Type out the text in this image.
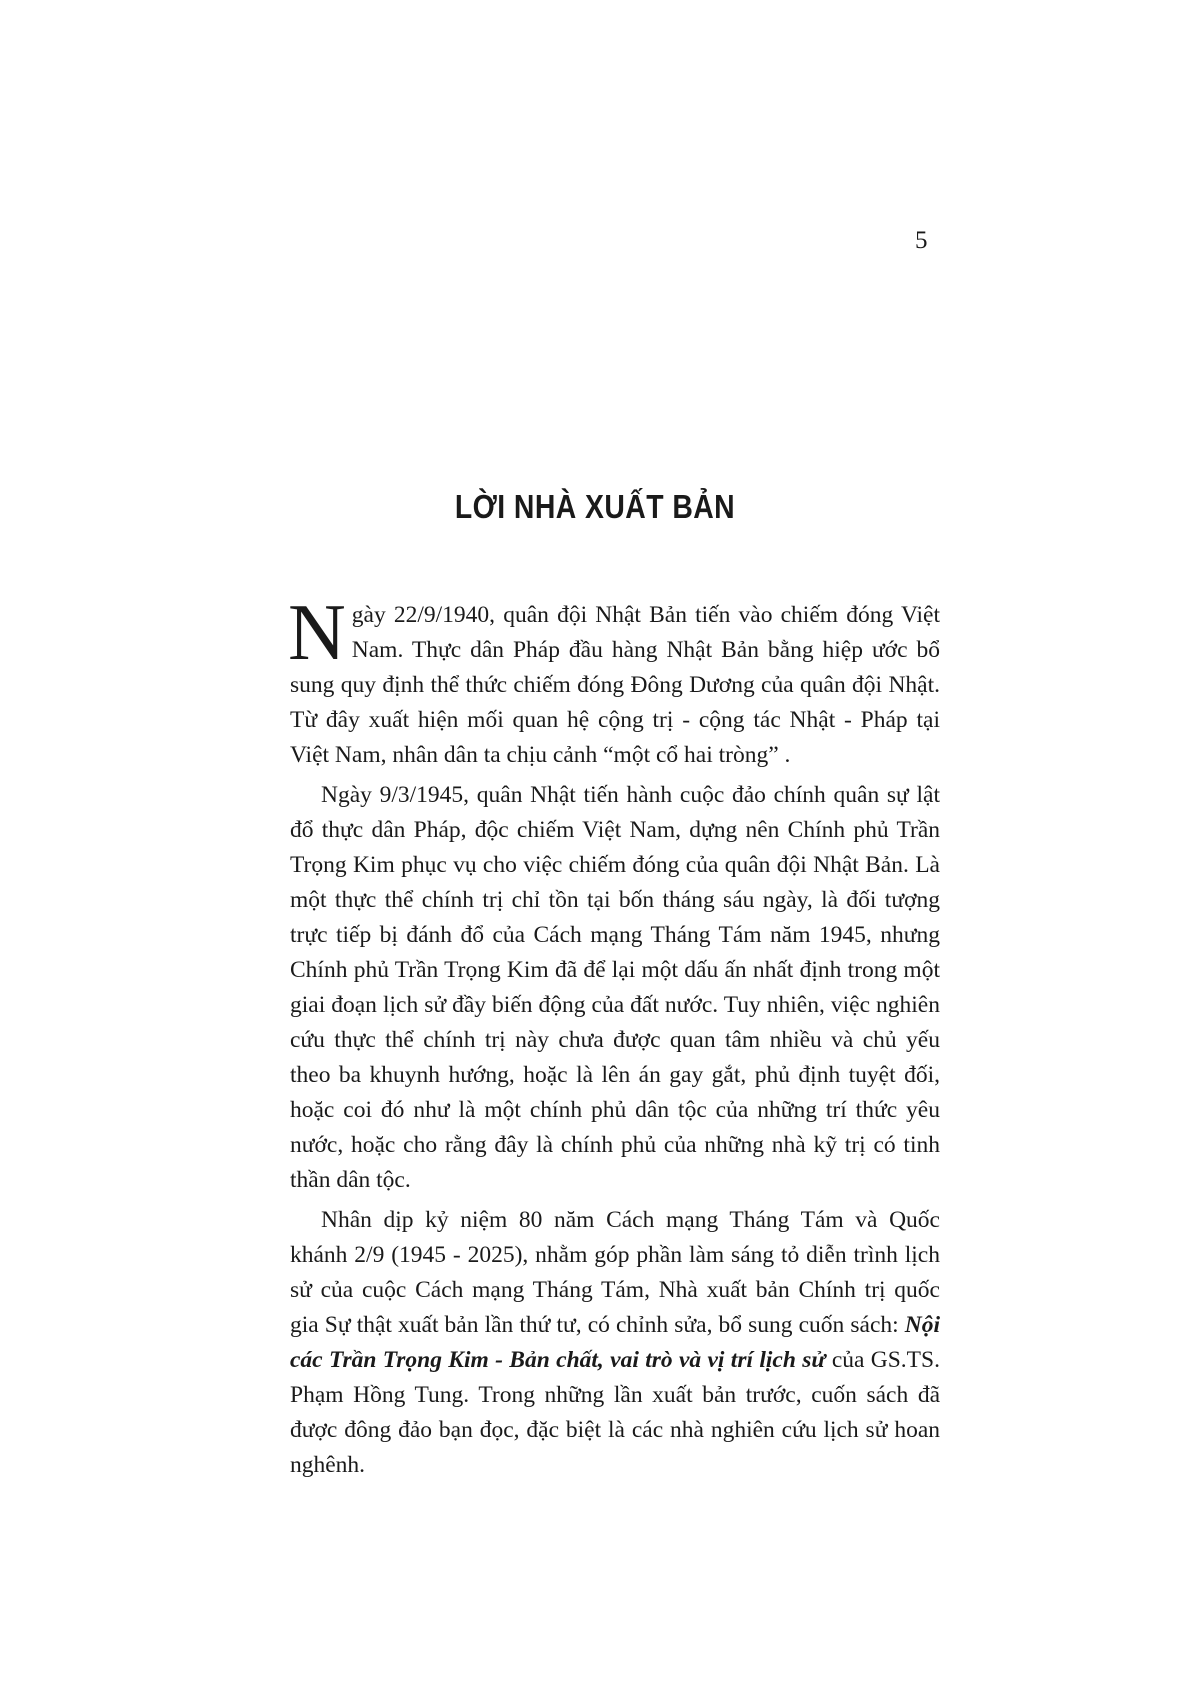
5
LỜI NHÀ XUẤT BẢN

Ngày 22/9/1940, quân đội Nhật Bản tiến vào chiếm đóng Việt Nam. Thực dân Pháp đầu hàng Nhật Bản bằng hiệp ước bổ sung quy định thể thức chiếm đóng Đông Dương của quân đội Nhật. Từ đây xuất hiện mối quan hệ cộng trị - cộng tác Nhật - Pháp tại Việt Nam, nhân dân ta chịu cảnh “một cổ hai tròng” .

Ngày 9/3/1945, quân Nhật tiến hành cuộc đảo chính quân sự lật đổ thực dân Pháp, độc chiếm Việt Nam, dựng nên Chính phủ Trần Trọng Kim phục vụ cho việc chiếm đóng của quân đội Nhật Bản. Là một thực thể chính trị chỉ tồn tại bốn tháng sáu ngày, là đối tượng trực tiếp bị đánh đổ của Cách mạng Tháng Tám năm 1945, nhưng Chính phủ Trần Trọng Kim đã để lại một dấu ấn nhất định trong một giai đoạn lịch sử đầy biến động của đất nước. Tuy nhiên, việc nghiên cứu thực thể chính trị này chưa được quan tâm nhiều và chủ yếu theo ba khuynh hướng, hoặc là lên án gay gắt, phủ định tuyệt đối, hoặc coi đó như là một chính phủ dân tộc của những trí thức yêu nước, hoặc cho rằng đây là chính phủ của những nhà kỹ trị có tinh thần dân tộc.

Nhân dịp kỷ niệm 80 năm Cách mạng Tháng Tám và Quốc khánh 2/9 (1945 - 2025), nhằm góp phần làm sáng tỏ diễn trình lịch sử của cuộc Cách mạng Tháng Tám, Nhà xuất bản Chính trị quốc gia Sự thật xuất bản lần thứ tư, có chỉnh sửa, bổ sung cuốn sách: Nội các Trần Trọng Kim - Bản chất, vai trò và vị trí lịch sử của GS.TS. Phạm Hồng Tung. Trong những lần xuất bản trước, cuốn sách đã được đông đảo bạn đọc, đặc biệt là các nhà nghiên cứu lịch sử hoan nghênh.
